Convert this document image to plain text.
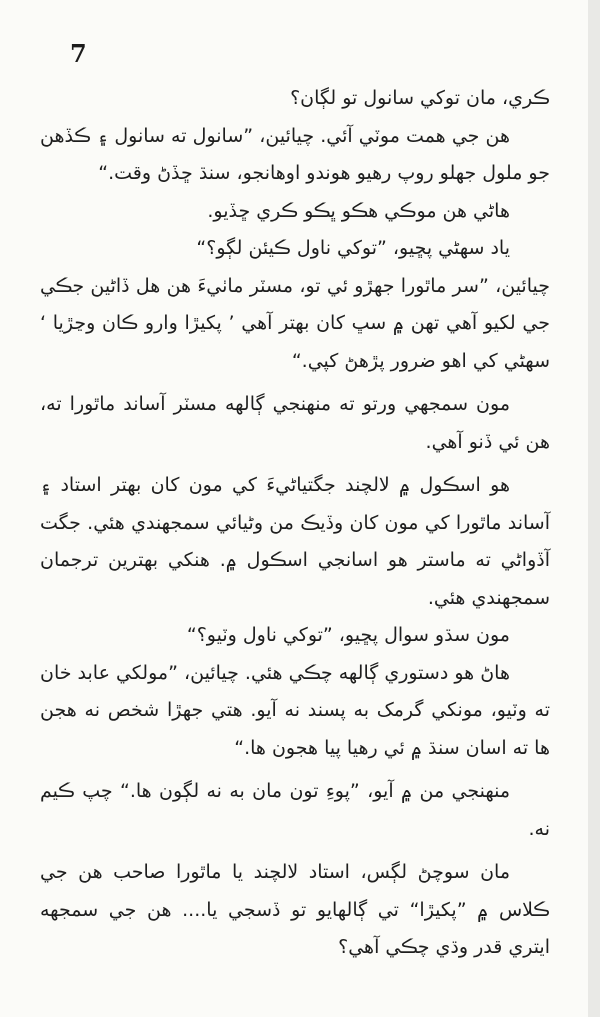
7

ڪري، مان توکي سانول تو لڳان؟

هن جي همت موٽي آئي. چيائين، ”سانول ته سانول ۽ ڪڏهن جو ملول جهلو روپ رهيو هوندو اوهانجو، سنڌ ڇڏڻ وقت.“

هاڻي هن موڪي هڪو ڀڪو ڪري ڇڏيو.

ياد سهڻي پڇيو، ”توکي ناول ڪيئن لڳو؟“

چيائين، ”سر ماٿورا جهڙو ئي تو، مسٽر ماٺيءَ هن هل ڏاڻين جڪي جي لکيو آهي تهن ۾ سڀ کان بهتر آهي ’ پکيڙا وارو ڪان وڃڙيا ‘ سهڻي کي اهو ضرور پڙهڻ کپي.“

مون سمجهي ورتو ته منهنجي ڳالهه مسٽر آساند ماٿورا ته، هن ئي ڏنو آهي.

هو اسڪول ۾ لالچند جگتياڻيءَ کي مون کان بهتر استاد ۽ آساند ماٿورا کي مون کان وڏيڪ من وڻيائي سمجهندي هئي. جگت آڏواڻي ته ماستر هو اسانجي اسڪول ۾. هنکي بهترين ترجمان سمجهندي هئي.

مون سڌو سوال پڇيو، ”توکي ناول وٽيو؟“

هاڻ هو دستوري ڳالهه چڪي هئي. چيائين، ”مولکي عابد خان ته وٽيو، مونکي گرمک به پسند نه آيو. هتي جهڙا شخص نه هجن ها ته اسان سنڌ ۾ ئي رهيا پيا هجون ها.“

منهنجي من ۾ آيو، ”پوءِ تون مان به نه لڳون ها.“ چپ ڪيم نه.

مان سوچڻ لڳس، استاد لالچند يا ماٿورا صاحب هن جي ڪلاس ۾ ”پکيڙا“ تي ڳالهايو تو ڏسجي يا.... هن جي سمجهه ايتري قدر وڌي چڪي آهي؟
